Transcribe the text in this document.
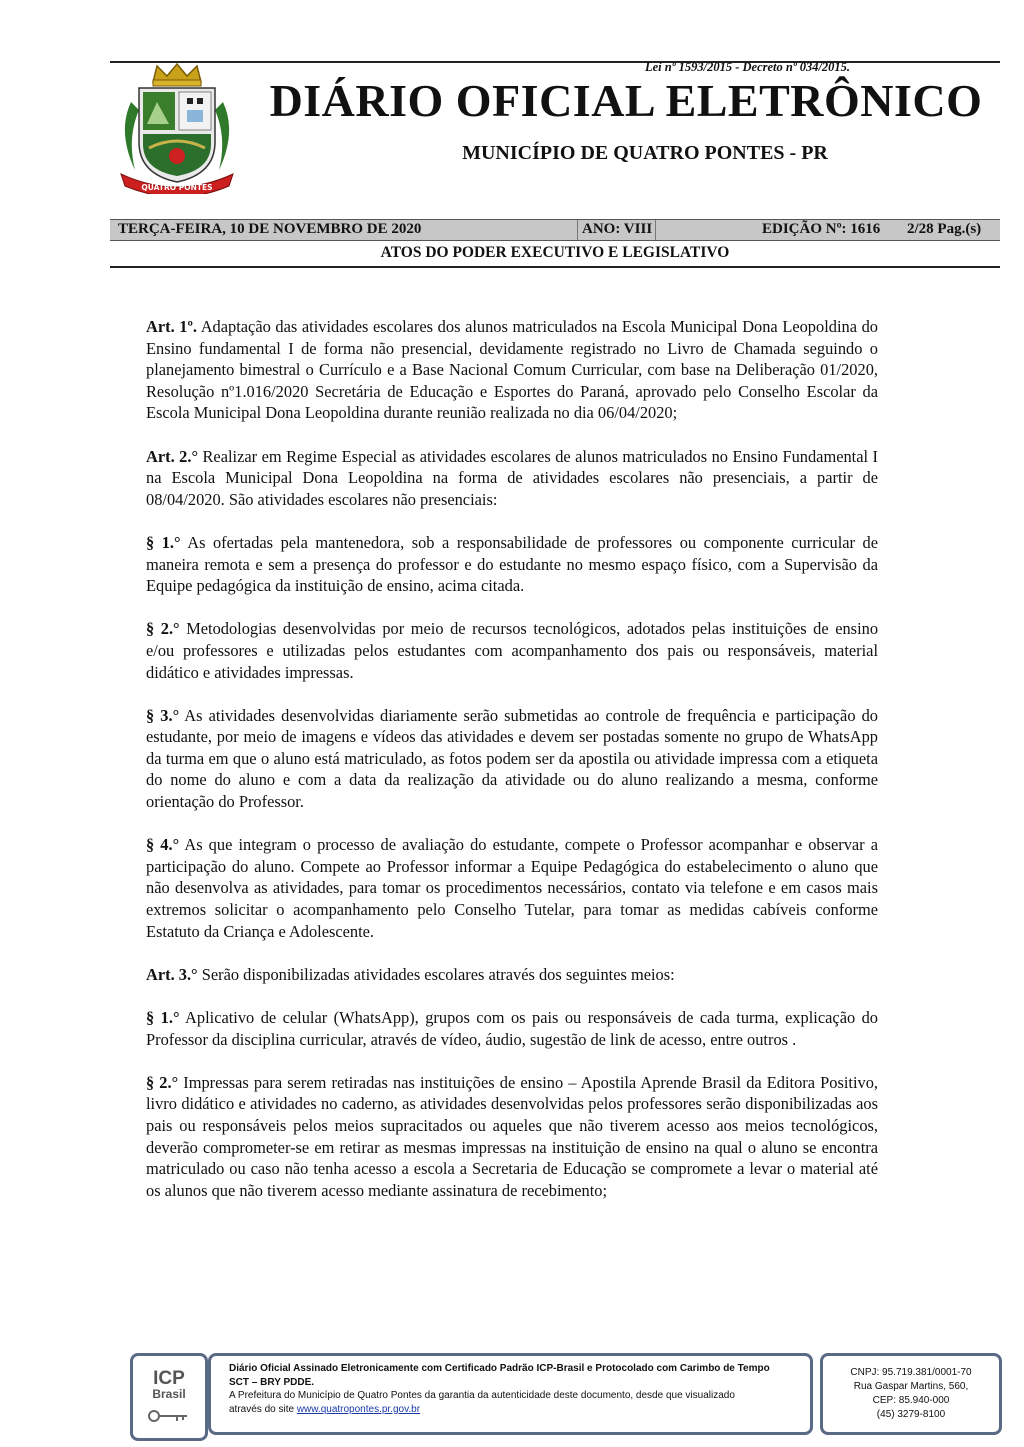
Lei nº 1593/2015 - Decreto nº 034/2015.
QUATRO PONTES
DIÁRIO OFICIAL ELETRÔNICO
MUNICÍPIO DE QUATRO PONTES - PR
TERÇA-FEIRA, 10 DE NOVEMBRO DE 2020	ANO: VIII	EDIÇÃO Nº: 1616 2/28 Pag.(s)
ATOS DO PODER EXECUTIVO E LEGISLATIVO

Art. 1º. Adaptação das atividades escolares dos alunos matriculados na Escola Municipal Dona Leopoldina do Ensino fundamental I de forma não presencial, devidamente registrado no Livro de Chamada seguindo o planejamento bimestral o Currículo e a Base Nacional Comum Curricular, com base na Deliberação 01/2020, Resolução nº1.016/2020 Secretária de Educação e Esportes do Paraná, aprovado pelo Conselho Escolar da Escola Municipal Dona Leopoldina durante reunião realizada no dia 06/04/2020;

Art. 2.° Realizar em Regime Especial as atividades escolares de alunos matriculados no Ensino Fundamental I na Escola Municipal Dona Leopoldina na forma de atividades escolares não presenciais, a partir de 08/04/2020. São atividades escolares não presenciais:

§ 1.° As ofertadas pela mantenedora, sob a responsabilidade de professores ou componente curricular de maneira remota e sem a presença do professor e do estudante no mesmo espaço físico, com a Supervisão da Equipe pedagógica da instituição de ensino, acima citada.

§ 2.° Metodologias desenvolvidas por meio de recursos tecnológicos, adotados pelas instituições de ensino e/ou professores e utilizadas pelos estudantes com acompanhamento dos pais ou responsáveis, material didático e atividades impressas.

§ 3.° As atividades desenvolvidas diariamente serão submetidas ao controle de frequência e participação do estudante, por meio de imagens e vídeos das atividades e devem ser postadas somente no grupo de WhatsApp da turma em que o aluno está matriculado, as fotos podem ser da apostila ou atividade impressa com a etiqueta do nome do aluno e com a data da realização da atividade ou do aluno realizando a mesma, conforme orientação do Professor.

§ 4.° As que integram o processo de avaliação do estudante, compete o Professor acompanhar e observar a participação do aluno. Compete ao Professor informar a Equipe Pedagógica do estabelecimento o aluno que não desenvolva as atividades, para tomar os procedimentos necessários, contato via telefone e em casos mais extremos solicitar o acompanhamento pelo Conselho Tutelar, para tomar as medidas cabíveis conforme Estatuto da Criança e Adolescente.

Art. 3.° Serão disponibilizadas atividades escolares através dos seguintes meios:

§ 1.° Aplicativo de celular (WhatsApp), grupos com os pais ou responsáveis de cada turma, explicação do Professor da disciplina curricular, através de vídeo, áudio, sugestão de link de acesso, entre outros .

§ 2.° Impressas para serem retiradas nas instituições de ensino – Apostila Aprende Brasil da Editora Positivo, livro didático e atividades no caderno, as atividades desenvolvidas pelos professores serão disponibilizadas aos pais ou responsáveis pelos meios supracitados ou aqueles que não tiverem acesso aos meios tecnológicos, deverão comprometer-se em retirar as mesmas impressas na instituição de ensino na qual o aluno se encontra matriculado ou caso não tenha acesso a escola a Secretaria de Educação se compromete a levar o material até os alunos que não tiverem acesso mediante assinatura de recebimento;

ICP
Brasil
Diário Oficial Assinado Eletronicamente com Certificado Padrão ICP-Brasil e Protocolado com Carimbo de Tempo
SCT – BRY PDDE.
A Prefeitura do Município de Quatro Pontes da garantia da autenticidade deste documento, desde que visualizado
através do site www.quatropontes.pr.gov.br
CNPJ: 95.719.381/0001-70
Rua Gaspar Martins, 560,
CEP: 85.940-000
(45) 3279-8100
